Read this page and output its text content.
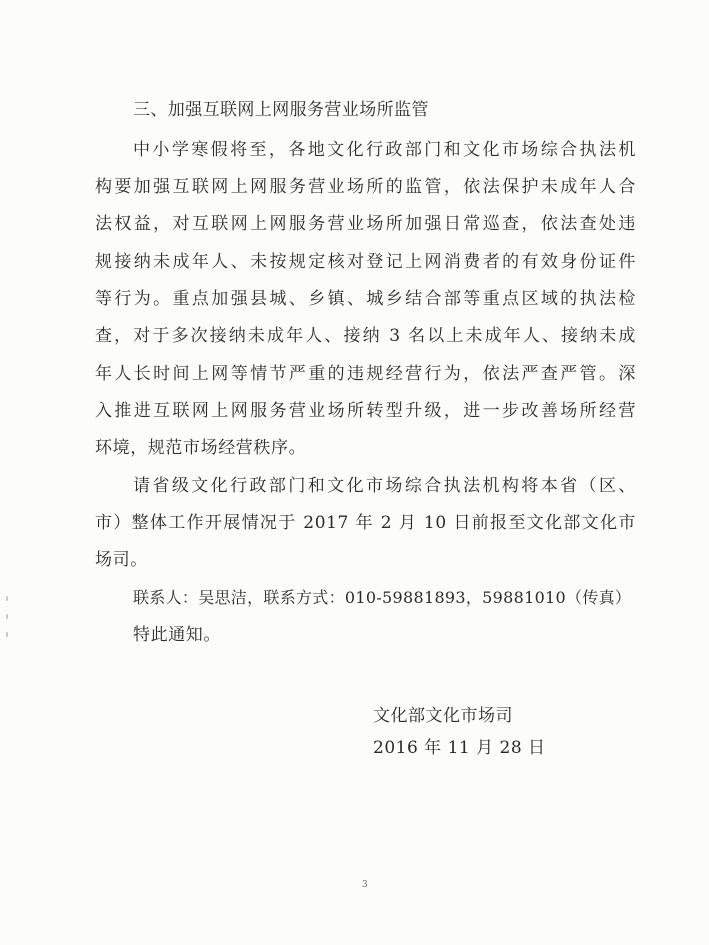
三、加强互联网上网服务营业场所监管
中小学寒假将至，各地文化行政部门和文化市场综合执法机
构要加强互联网上网服务营业场所的监管，依法保护未成年人合
法权益，对互联网上网服务营业场所加强日常巡查，依法查处违
规接纳未成年人、未按规定核对登记上网消费者的有效身份证件
等行为。重点加强县城、乡镇、城乡结合部等重点区域的执法检
查，对于多次接纳未成年人、接纳 3 名以上未成年人、接纳未成
年人长时间上网等情节严重的违规经营行为，依法严查严管。深
入推进互联网上网服务营业场所转型升级，进一步改善场所经营
环境，规范市场经营秩序。
请省级文化行政部门和文化市场综合执法机构将本省（区、
市）整体工作开展情况于 2017 年 2 月 10 日前报至文化部文化市
场司。
联系人：吴思洁，联系方式：010-59881893，59881010（传真）
特此通知。
文化部文化市场司
2016 年 11 月 28 日
3
